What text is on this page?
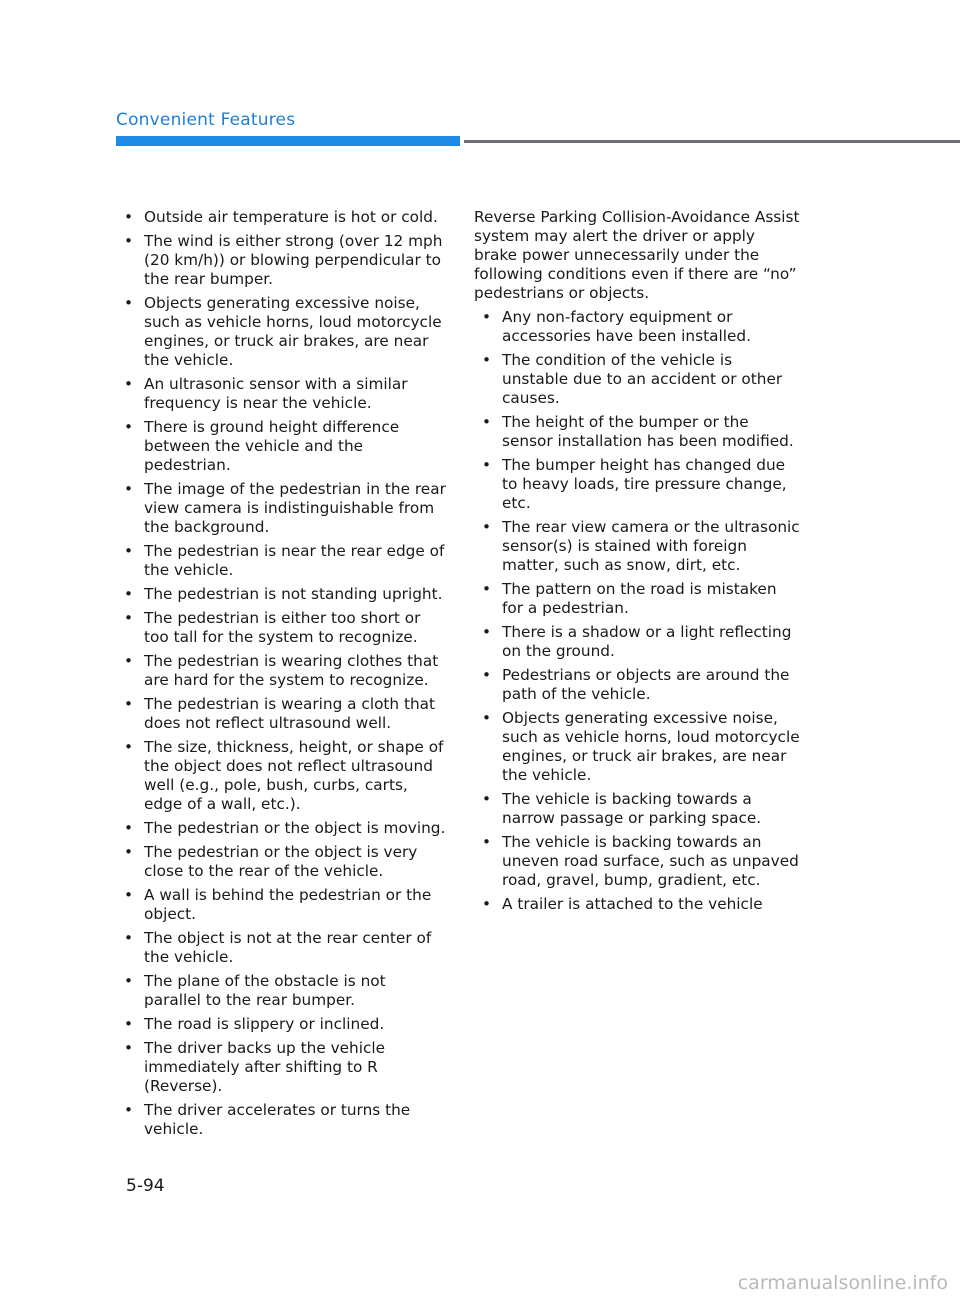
Convenient Features
• Outside air temperature is hot or cold.
• The wind is either strong (over 12 mph (20 km/h)) or blowing perpendicular to the rear bumper.
• Objects generating excessive noise, such as vehicle horns, loud motorcycle engines, or truck air brakes, are near the vehicle.
• An ultrasonic sensor with a similar frequency is near the vehicle.
• There is ground height difference between the vehicle and the pedestrian.
• The image of the pedestrian in the rear view camera is indistinguishable from the background.
• The pedestrian is near the rear edge of the vehicle.
• The pedestrian is not standing upright.
• The pedestrian is either too short or too tall for the system to recognize.
• The pedestrian is wearing clothes that are hard for the system to recognize.
• The pedestrian is wearing a cloth that does not reflect ultrasound well.
• The size, thickness, height, or shape of the object does not reflect ultrasound well (e.g., pole, bush, curbs, carts, edge of a wall, etc.).
• The pedestrian or the object is moving.
• The pedestrian or the object is very close to the rear of the vehicle.
• A wall is behind the pedestrian or the object.
• The object is not at the rear center of the vehicle.
• The plane of the obstacle is not parallel to the rear bumper.
• The road is slippery or inclined.
• The driver backs up the vehicle immediately after shifting to R (Reverse).
• The driver accelerates or turns the vehicle.

Reverse Parking Collision-Avoidance Assist system may alert the driver or apply brake power unnecessarily under the following conditions even if there are “no” pedestrians or objects.

• Any non-factory equipment or accessories have been installed.
• The condition of the vehicle is unstable due to an accident or other causes.
• The height of the bumper or the sensor installation has been modified.
• The bumper height has changed due to heavy loads, tire pressure change, etc.
• The rear view camera or the ultrasonic sensor(s) is stained with foreign matter, such as snow, dirt, etc.
• The pattern on the road is mistaken for a pedestrian.
• There is a shadow or a light reflecting on the ground.
• Pedestrians or objects are around the path of the vehicle.
• Objects generating excessive noise, such as vehicle horns, loud motorcycle engines, or truck air brakes, are near the vehicle.
• The vehicle is backing towards a narrow passage or parking space.
• The vehicle is backing towards an uneven road surface, such as unpaved road, gravel, bump, gradient, etc.
• A trailer is attached to the vehicle
5-94
carmanualsonline.info
